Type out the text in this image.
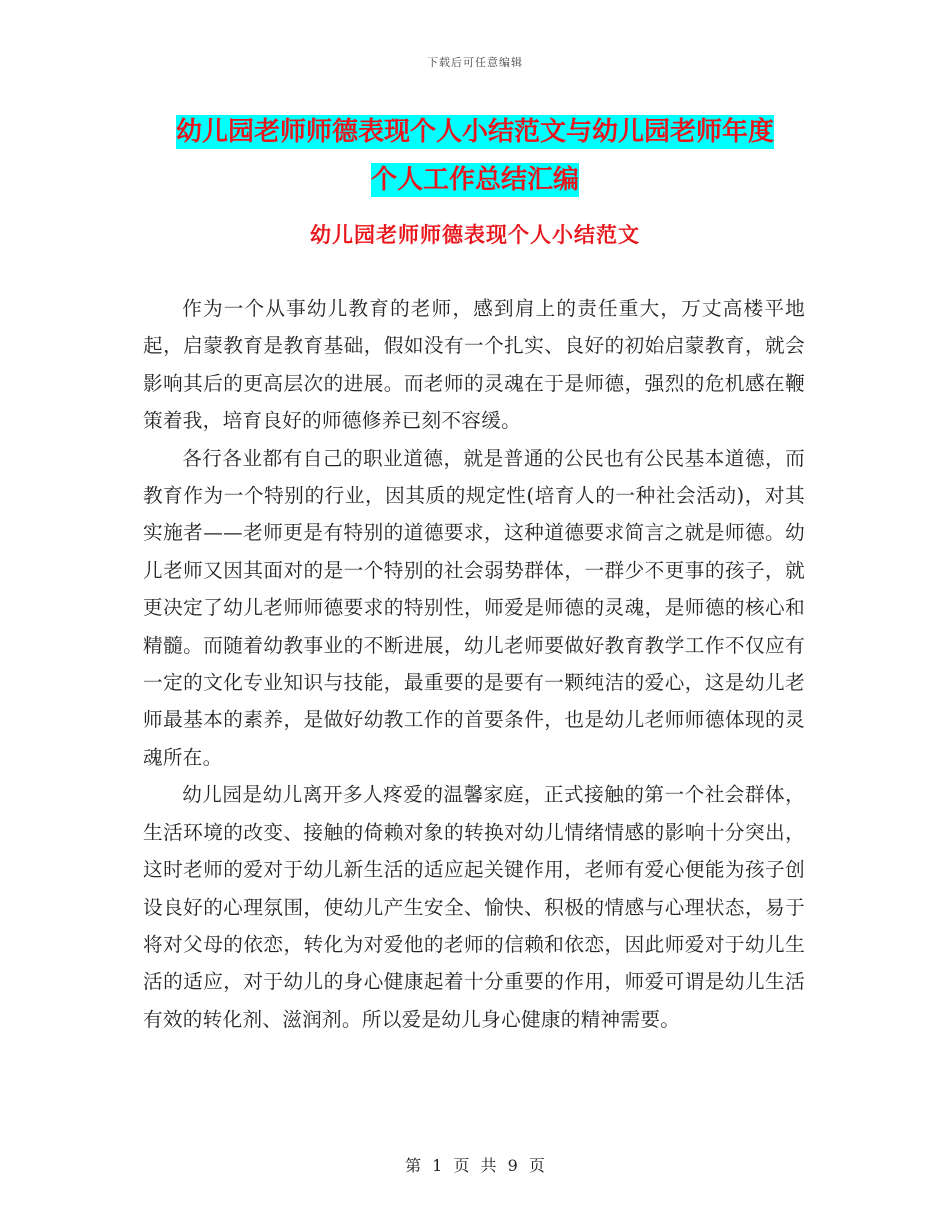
下载后可任意编辑
幼儿园老师师德表现个人小结范文与幼儿园老师年度
个人工作总结汇编
幼儿园老师师德表现个人小结范文

作为一个从事幼儿教育的老师，感到肩上的责任重大，万丈高楼平地起，启蒙教育是教育基础，假如没有一个扎实、良好的初始启蒙教育，就会影响其后的更高层次的进展。而老师的灵魂在于是师德，强烈的危机感在鞭策着我，培育良好的师德修养已刻不容缓。

各行各业都有自己的职业道德，就是普通的公民也有公民基本道德，而教育作为一个特别的行业，因其质的规定性(培育人的一种社会活动)，对其实施者——老师更是有特别的道德要求，这种道德要求简言之就是师德。幼儿老师又因其面对的是一个特别的社会弱势群体，一群少不更事的孩子，就更决定了幼儿老师师德要求的特别性，师爱是师德的灵魂，是师德的核心和精髓。而随着幼教事业的不断进展，幼儿老师要做好教育教学工作不仅应有一定的文化专业知识与技能，最重要的是要有一颗纯洁的爱心，这是幼儿老师最基本的素养，是做好幼教工作的首要条件，也是幼儿老师师德体现的灵魂所在。

幼儿园是幼儿离开多人疼爱的温馨家庭，正式接触的第一个社会群体，生活环境的改变、接触的倚赖对象的转换对幼儿情绪情感的影响十分突出，这时老师的爱对于幼儿新生活的适应起关键作用，老师有爱心便能为孩子创设良好的心理氛围，使幼儿产生安全、愉快、积极的情感与心理状态，易于将对父母的依恋，转化为对爱他的老师的信赖和依恋，因此师爱对于幼儿生活的适应，对于幼儿的身心健康起着十分重要的作用，师爱可谓是幼儿生活有效的转化剂、滋润剂。所以爱是幼儿身心健康的精神需要。

第 1 页 共 9 页
